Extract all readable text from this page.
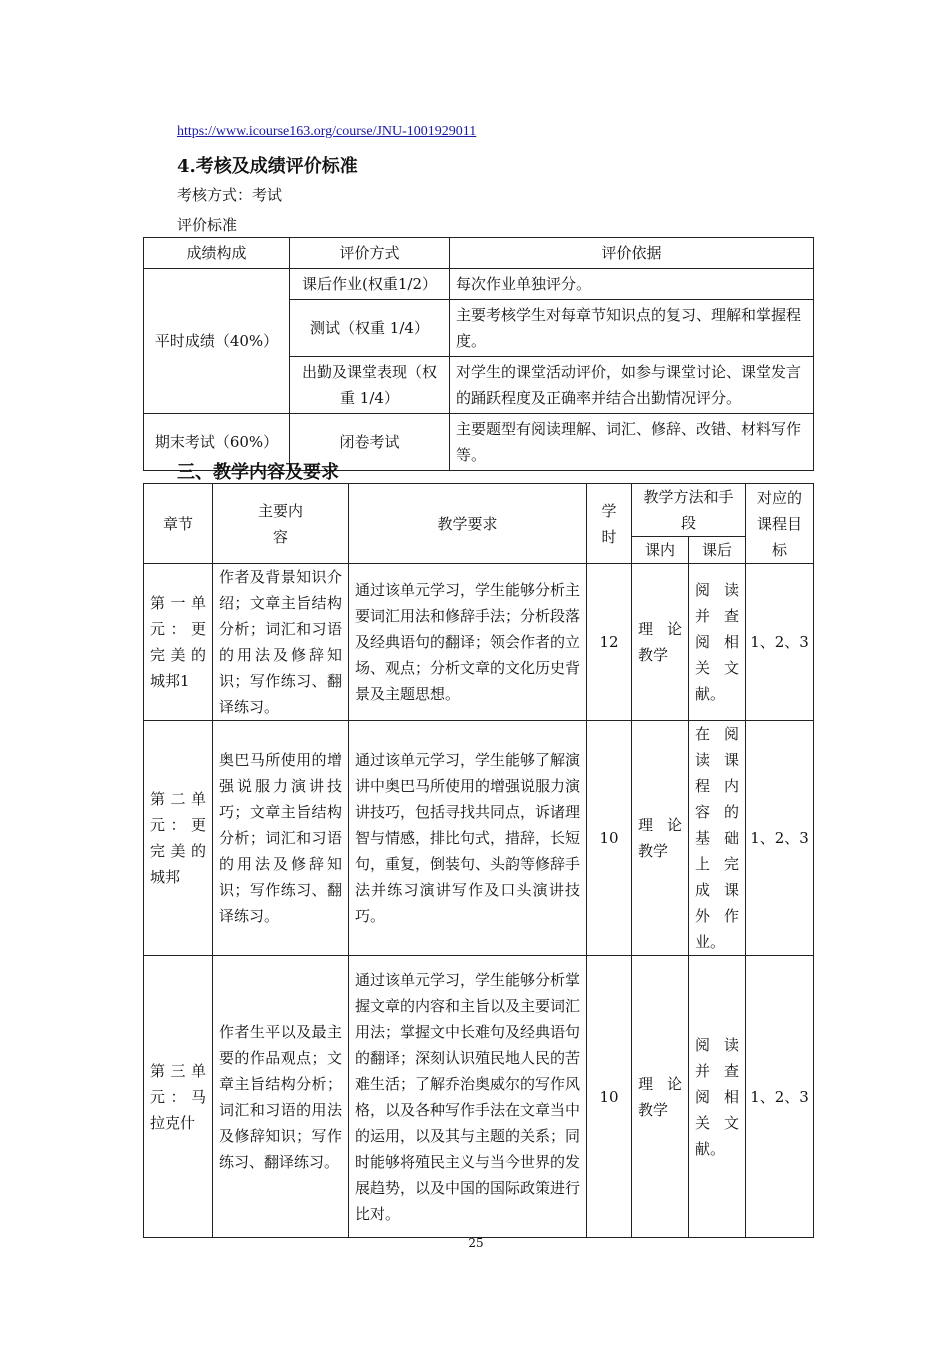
https://www.icourse163.org/course/JNU-1001929011
4.考核及成绩评价标准
考核方式：考试
评价标准
成绩构成	评价方式	评价依据
平时成绩（40%）	课后作业(权重1/2）	每次作业单独评分。
	测试（权重 1/4）	主要考核学生对每章节知识点的复习、理解和掌握程度。
	出勤及课堂表现（权重 1/4）	对学生的课堂活动评价，如参与课堂讨论、课堂发言的踊跃程度及正确率并结合出勤情况评分。
期末考试（60%）	闭卷考试	主要题型有阅读理解、词汇、修辞、改错、材料写作等。
三、教学内容及要求
章节	主要内容	教学要求	学时	教学方法和手段		对应的课程目标
				课内	课后	
第一单元：更完美的城邦1	作者及背景知识介绍；文章主旨结构分析；词汇和习语的用法及修辞知识；写作练习、翻译练习。	通过该单元学习，学生能够分析主要词汇用法和修辞手法；分析段落及经典语句的翻译；领会作者的立场、观点；分析文章的文化历史背景及主题思想。	12	理论教学	阅读并查阅相关文献。	1、2、3
第二单元：更完美的城邦	奥巴马所使用的增强说服力演讲技巧；文章主旨结构分析；词汇和习语的用法及修辞知识；写作练习、翻译练习。	通过该单元学习，学生能够了解演讲中奥巴马所使用的增强说服力演讲技巧，包括寻找共同点，诉诸理智与情感，排比句式，措辞，长短句，重复，倒装句、头韵等修辞手法并练习演讲写作及口头演讲技巧。	10	理论教学	在阅读课程内容的基础上完成课外作业。	1、2、3
第三单元：马拉克什	作者生平以及最主要的作品观点；文章主旨结构分析；词汇和习语的用法及修辞知识；写作练习、翻译练习。	通过该单元学习，学生能够分析掌握文章的内容和主旨以及主要词汇用法；掌握文中长难句及经典语句的翻译；深刻认识殖民地人民的苦难生活；了解乔治奥威尔的写作风格，以及各种写作手法在文章当中的运用，以及其与主题的关系；同时能够将殖民主义与当今世界的发展趋势，以及中国的国际政策进行比对。	10	理论教学	阅读并查阅相关文献。	1、2、3
25
